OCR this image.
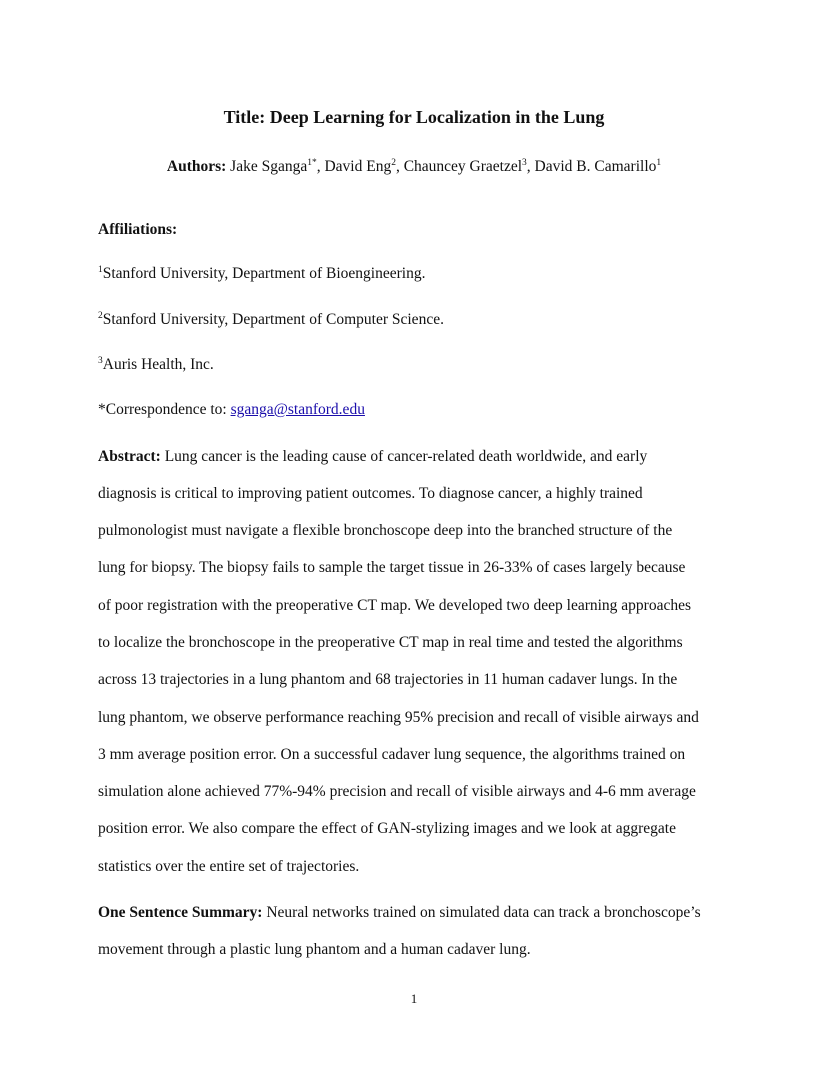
Title: Deep Learning for Localization in the Lung
Authors: Jake Sganga$^{1*}$, David Eng$^2$, Chauncey Graetzel$^3$, David B. Camarillo$^1$
Affiliations:
$^1$Stanford University, Department of Bioengineering.
$^2$Stanford University, Department of Computer Science.
$^3$Auris Health, Inc.
*Correspondence to: sganga@stanford.edu
Abstract: Lung cancer is the leading cause of cancer-related death worldwide, and early
diagnosis is critical to improving patient outcomes. To diagnose cancer, a highly trained
pulmonologist must navigate a flexible bronchoscope deep into the branched structure of the
lung for biopsy. The biopsy fails to sample the target tissue in 26-33% of cases largely because
of poor registration with the preoperative CT map. We developed two deep learning approaches
to localize the bronchoscope in the preoperative CT map in real time and tested the algorithms
across 13 trajectories in a lung phantom and 68 trajectories in 11 human cadaver lungs. In the
lung phantom, we observe performance reaching 95% precision and recall of visible airways and
3 mm average position error. On a successful cadaver lung sequence, the algorithms trained on
simulation alone achieved 77%-94% precision and recall of visible airways and 4-6 mm average
position error. We also compare the effect of GAN-stylizing images and we look at aggregate
statistics over the entire set of trajectories.
One Sentence Summary: Neural networks trained on simulated data can track a bronchoscope’s
movement through a plastic lung phantom and a human cadaver lung.
1
